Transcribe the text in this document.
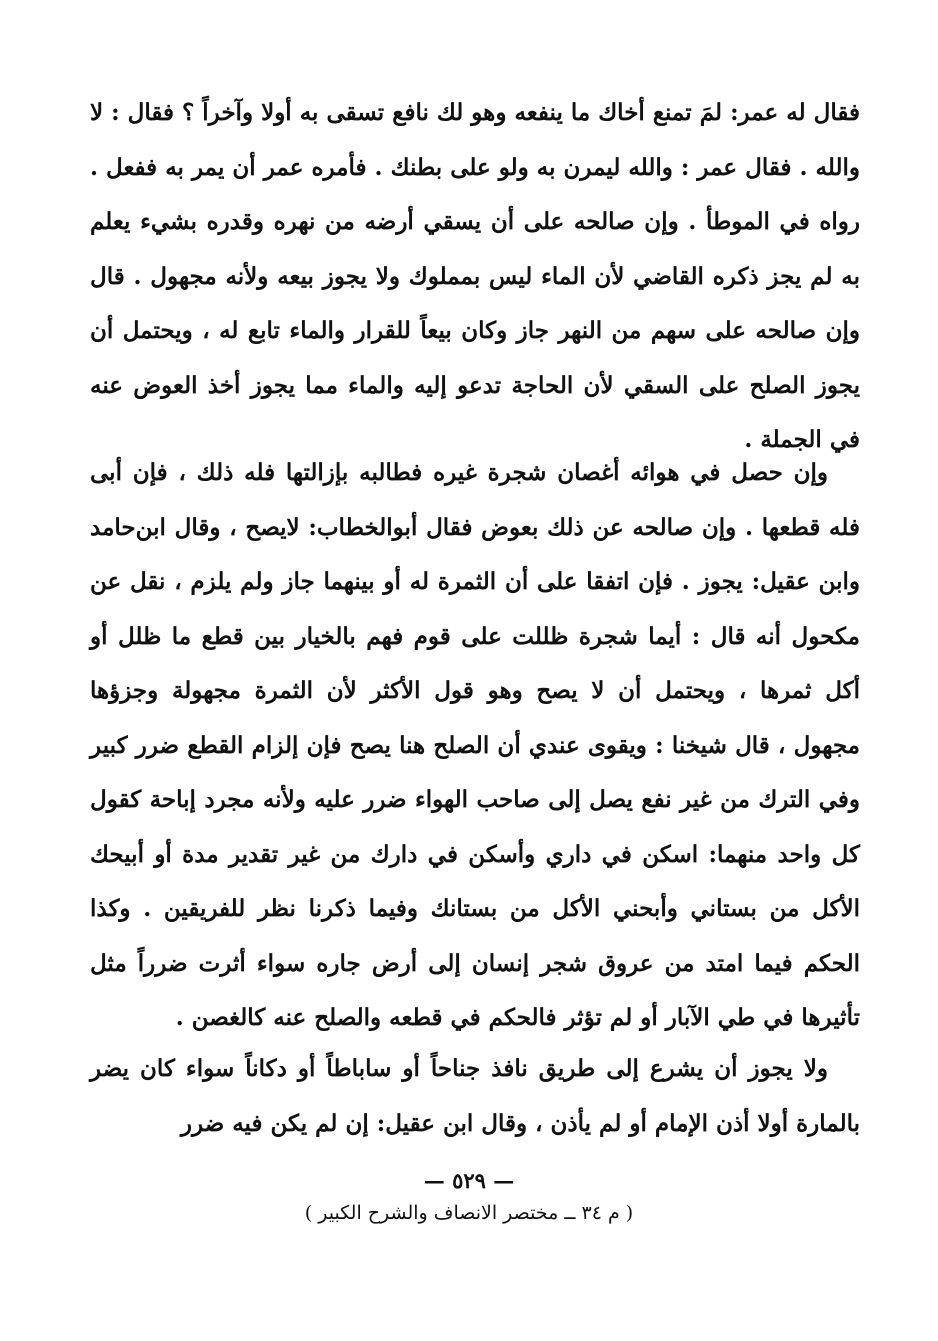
فقال له عمر: لمَ تمنع أخاك ما ينفعه وهو لك نافع تسقى به أولا وآخراً ؟ فقال : لا والله . فقال عمر : والله ليمرن به ولو على بطنك . فأمره عمر أن يمر به ففعل . رواه في الموطأ . وإن صالحه على أن يسقي أرضه من نهره وقدره بشيء يعلم به لم يجز ذكره القاضي لأن الماء ليس بمملوك ولا يجوز بيعه ولأنه مجهول . قال وإن صالحه على سهم من النهر جاز وكان بيعاً للقرار والماء تابع له ، ويحتمل أن يجوز الصلح على السقي لأن الحاجة تدعو إليه والماء مما يجوز أخذ العوض عنه في الجملة .
وإن حصل في هوائه أغصان شجرة غيره فطالبه بإزالتها فله ذلك ، فإن أبى فله قطعها . وإن صالحه عن ذلك بعوض فقال أبوالخطاب: لايصح ، وقال ابن‌حامد وابن عقيل: يجوز . فإن اتفقا على أن الثمرة له أو بينهما جاز ولم يلزم ، نقل عن مكحول أنه قال : أيما شجرة ظللت على قوم فهم بالخيار بين قطع ما ظلل أو أكل ثمرها ، ويحتمل أن لا يصح وهو قول الأكثر لأن الثمرة مجهولة وجزؤها مجهول ، قال شيخنا : ويقوى عندي أن الصلح هنا يصح فإن إلزام القطع ضرر كبير وفي الترك من غير نفع يصل إلى صاحب الهواء ضرر عليه ولأنه مجرد إباحة كقول كل واحد منهما: اسكن في داري وأسكن في دارك من غير تقدير مدة أو أبيحك الأكل من بستاني وأبحني الأكل من بستانك وفيما ذكرنا نظر للفريقين . وكذا الحكم فيما امتد من عروق شجر إنسان إلى أرض جاره سواء أثرت ضرراً مثل تأثيرها في طي الآبار أو لم تؤثر فالحكم في قطعه والصلح عنه كالغصن .
ولا يجوز أن يشرع إلى طريق نافذ جناحاً أو ساباطاً أو دكاناً سواء كان يضر بالمارة أولا أذن الإمام أو لم يأذن ، وقال ابن عقيل: إن لم يكن فيه ضرر
— ٥٢٩ —
( م ٣٤ ــ مختصر الانصاف والشرح الكبير )
